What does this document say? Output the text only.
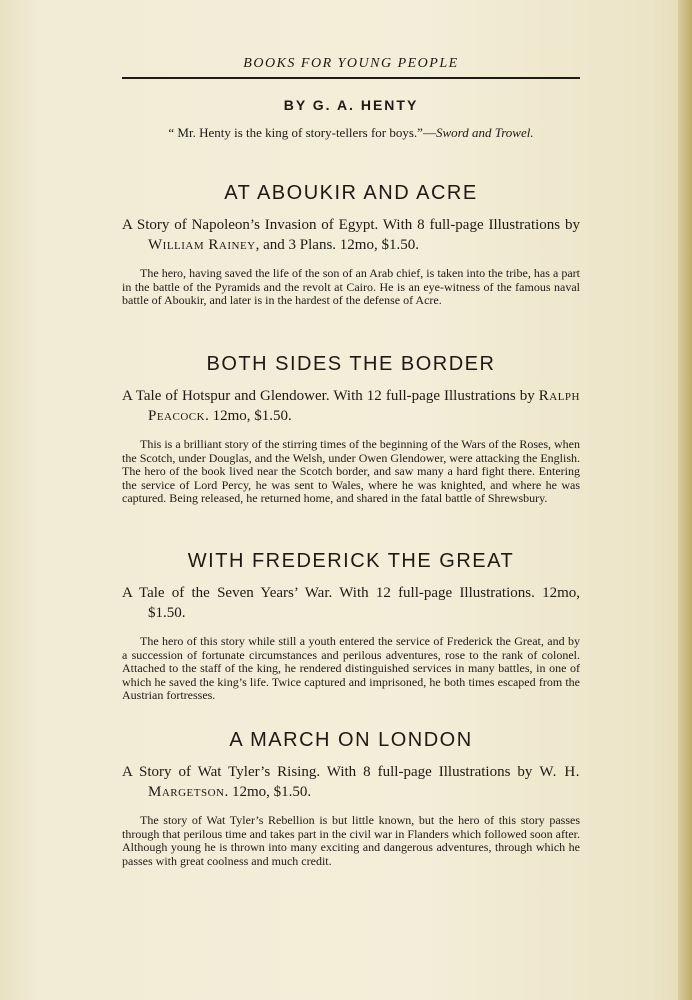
BOOKS FOR YOUNG PEOPLE
BY G. A. HENTY
“ Mr. Henty is the king of story-tellers for boys.”—Sword and Trowel.
AT ABOUKIR AND ACRE

A Story of Napoleon’s Invasion of Egypt. With 8 full-page Illustrations by William Rainey, and 3 Plans. 12mo, $1.50.

The hero, having saved the life of the son of an Arab chief, is taken into the tribe, has a part in the battle of the Pyramids and the revolt at Cairo. He is an eye-witness of the famous naval battle of Aboukir, and later is in the hardest of the defense of Acre.

BOTH SIDES THE BORDER

A Tale of Hotspur and Glendower. With 12 full-page Illustrations by Ralph Peacock. 12mo, $1.50.

This is a brilliant story of the stirring times of the beginning of the Wars of the Roses, when the Scotch, under Douglas, and the Welsh, under Owen Glendower, were attacking the English. The hero of the book lived near the Scotch border, and saw many a hard fight there. Entering the service of Lord Percy, he was sent to Wales, where he was knighted, and where he was captured. Being released, he returned home, and shared in the fatal battle of Shrewsbury.

WITH FREDERICK THE GREAT

A Tale of the Seven Years’ War. With 12 full-page Illustrations. 12mo, $1.50.

The hero of this story while still a youth entered the service of Frederick the Great, and by a succession of fortunate circumstances and perilous adventures, rose to the rank of colonel. Attached to the staff of the king, he rendered distinguished services in many battles, in one of which he saved the king’s life. Twice captured and imprisoned, he both times escaped from the Austrian fortresses.

A MARCH ON LONDON

A Story of Wat Tyler’s Rising. With 8 full-page Illustrations by W. H. Margetson. 12mo, $1.50.

The story of Wat Tyler’s Rebellion is but little known, but the hero of this story passes through that perilous time and takes part in the civil war in Flanders which followed soon after. Although young he is thrown into many exciting and dangerous adventures, through which he passes with great coolness and much credit.
